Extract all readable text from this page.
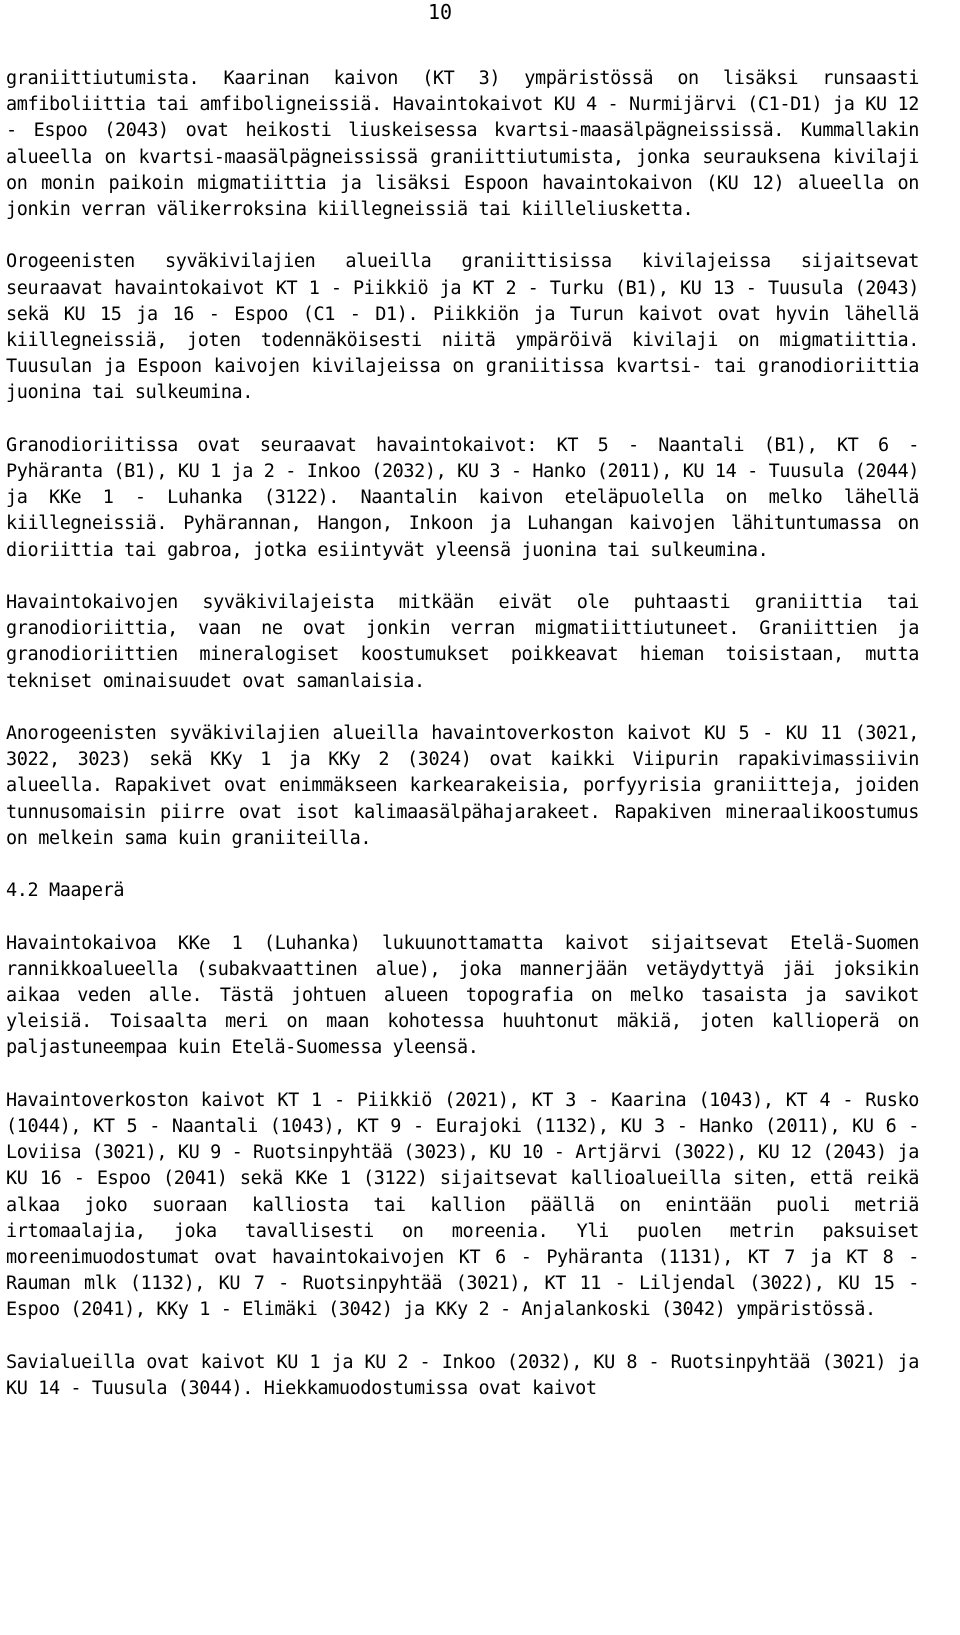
10

graniittiutumista. Kaarinan kaivon (KT 3) ympäristössä on lisäksi runsaasti amfiboliittia tai amfiboligneissiä. Havaintokaivot KU 4 - Nurmijärvi (C1-D1) ja KU 12 - Espoo (2043) ovat heikosti liuskeisessa kvartsi-maasälpägneississä. Kummallakin alueella on kvartsi-maasälpägneississä graniittiutumista, jonka seurauksena kivilaji on monin paikoin migmatiittia ja lisäksi Espoon havaintokaivon (KU 12) alueella on jonkin verran välikerroksina kiillegneissiä tai kiilleliusketta.

Orogeenisten syväkivilajien alueilla graniittisissa kivilajeissa sijaitsevat seuraavat havaintokaivot KT 1 - Piikkiö ja KT 2 - Turku (B1), KU 13 - Tuusula (2043) sekä KU 15 ja 16 - Espoo (C1 - D1). Piikkiön ja Turun kaivot ovat hyvin lähellä kiillegneissiä, joten todennäköisesti niitä ympäröivä kivilaji on migmatiittia. Tuusulan ja Espoon kaivojen kivilajeissa on graniitissa kvartsi- tai granodioriittia juonina tai sulkeumina.

Granodioriitissa ovat seuraavat havaintokaivot: KT 5 - Naantali (B1), KT 6 - Pyhäranta (B1), KU 1 ja 2 - Inkoo (2032), KU 3 - Hanko (2011), KU 14 - Tuusula (2044) ja KKe 1 - Luhanka (3122). Naantalin kaivon eteläpuolella on melko lähellä kiillegneissiä. Pyhärannan, Hangon, Inkoon ja Luhangan kaivojen lähituntumassa on dioriittia tai gabroa, jotka esiintyvät yleensä juonina tai sulkeumina.

Havaintokaivojen syväkivilajeista mitkään eivät ole puhtaasti graniittia tai granodioriittia, vaan ne ovat jonkin verran migmatiittiutuneet. Graniittien ja granodioriittien mineralogiset koostumukset poikkeavat hieman toisistaan, mutta tekniset ominaisuudet ovat samanlaisia.

Anorogeenisten syväkivilajien alueilla havaintoverkoston kaivot KU 5 - KU 11 (3021, 3022, 3023) sekä KKy 1 ja KKy 2 (3024) ovat kaikki Viipurin rapakivimassiivin alueella. Rapakivet ovat enimmäkseen karkearakeisia, porfyyrisia graniitteja, joiden tunnusomaisin piirre ovat isot kalimaasälpähajarakeet. Rapakiven mineraalikoostumus on melkein sama kuin graniiteilla.

4.2 Maaperä

Havaintokaivoa KKe 1 (Luhanka) lukuunottamatta kaivot sijaitsevat Etelä-Suomen rannikkoalueella (subakvaattinen alue), joka mannerjään vetäydyttyä jäi joksikin aikaa veden alle. Tästä johtuen alueen topografia on melko tasaista ja savikot yleisiä. Toisaalta meri on maan kohotessa huuhtonut mäkiä, joten kallioperä on paljastuneempaa kuin Etelä-Suomessa yleensä.

Havaintoverkoston kaivot KT 1 - Piikkiö (2021), KT 3 - Kaarina (1043), KT 4 - Rusko (1044), KT 5 - Naantali (1043), KT 9 - Eurajoki (1132), KU 3 - Hanko (2011), KU 6 - Loviisa (3021), KU 9 - Ruotsinpyhtää (3023), KU 10 - Artjärvi (3022), KU 12 (2043) ja KU 16 - Espoo (2041) sekä KKe 1 (3122) sijaitsevat kallioalueilla siten, että reikä alkaa joko suoraan kalliosta tai kallion päällä on enintään puoli metriä irtomaalajia, joka tavallisesti on moreenia. Yli puolen metrin paksuiset moreenimuodostumat ovat havaintokaivojen KT 6 - Pyhäranta (1131), KT 7 ja KT 8 - Rauman mlk (1132), KU 7 - Ruotsinpyhtää (3021), KT 11 - Liljendal (3022), KU 15 - Espoo (2041), KKy 1 - Elimäki (3042) ja KKy 2 - Anjalankoski (3042) ympäristössä.

Savialueilla ovat kaivot KU 1 ja KU 2 - Inkoo (2032), KU 8 - Ruotsinpyhtää (3021) ja KU 14 - Tuusula (3044). Hiekkamuodostumissa ovat kaivot
